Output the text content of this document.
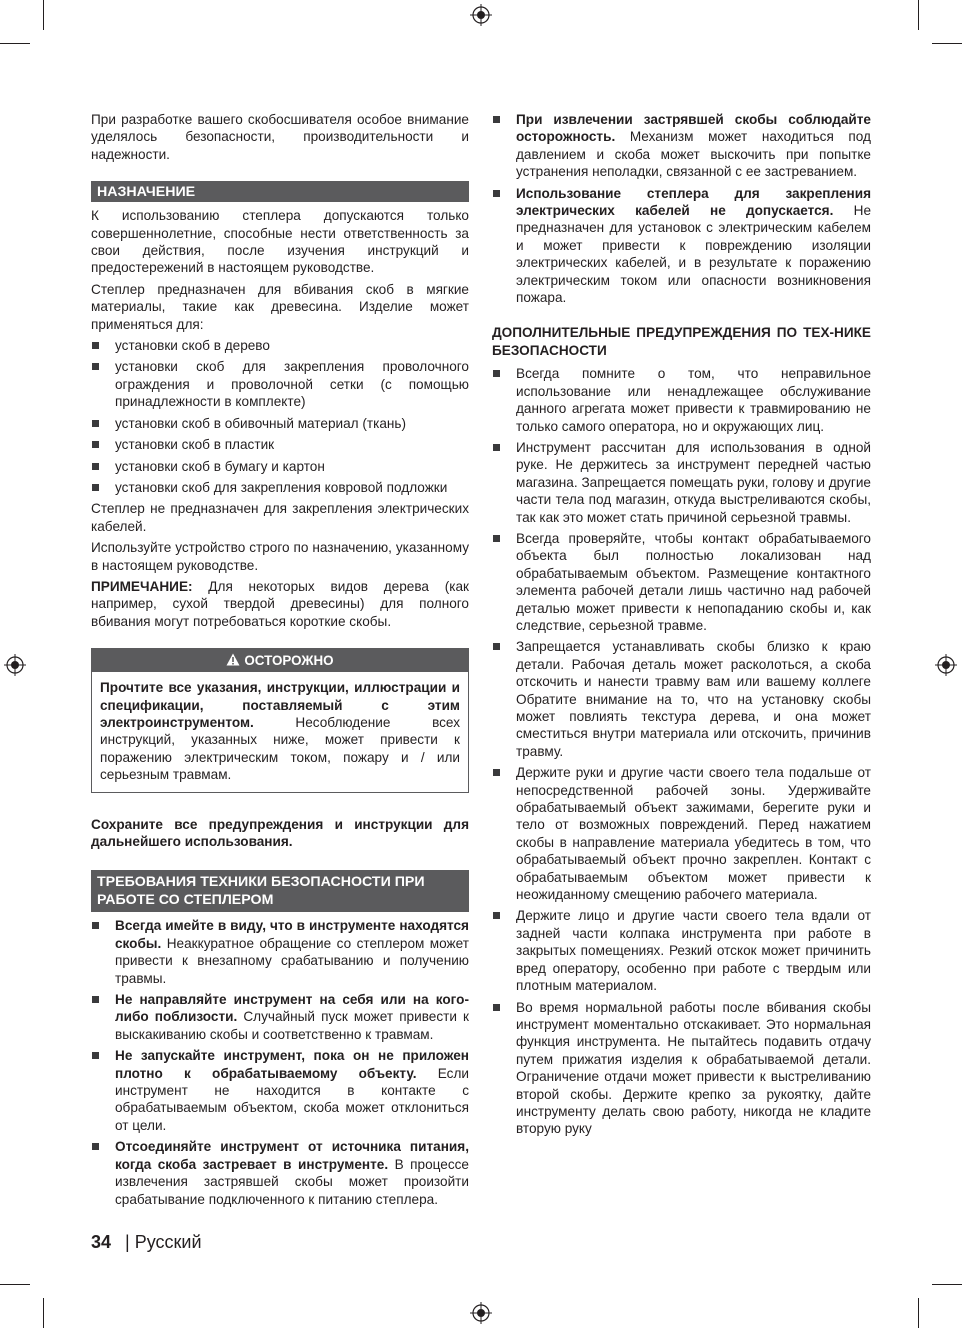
При разработке вашего скобосшивателя особое внимание уделялось безопасности, производительности и надежности.

НАЗНАЧЕНИЕ

К использованию степлера допускаются только совершеннолетние, способные нести ответственность за свои действия, после изучения инструкций и предостережений в настоящем руководстве.

Степлер предназначен для вбивания скоб в мягкие материалы, такие как древесина. Изделие может применяться для:

установки скоб в дерево
установки скоб для закрепления проволочного ограждения и проволочной сетки (с помощью принадлежности в комплекте)
установки скоб в обивочный материал (ткань)
установки скоб в пластик
установки скоб в бумагу и картон
установки скоб для закрепления ковровой подложки

Степлер не предназначен для закрепления электрических кабелей.

Используйте устройство строго по назначению, указанному в настоящем руководстве.

ПРИМЕЧАНИЕ: Для некоторых видов дерева (как например, сухой твердой древесины) для полного вбивания могут потребоваться короткие скобы.

ОСТОРОЖНО
Прочтите все указания, инструкции, иллюстрации и спецификации, поставляемый с этим электроинструментом. Несоблюдение всех инструкций, указанных ниже, может привести к поражению электрическим током, пожару и / или серьезным травмам.

Сохраните все предупреждения и инструкции для дальнейшего использования.

ТРЕБОВАНИЯ ТЕХНИКИ БЕЗОПАСНОСТИ ПРИ РАБОТЕ СО СТЕПЛЕРОМ
Всегда имейте в виду, что в инструменте находятся скобы. Неаккуратное обращение со степлером может привести к внезапному срабатыванию и получению травмы.
Не направляйте инструмент на себя или на кого-либо поблизости. Случайный пуск может привести к выскакиванию скобы и соответственно к травмам.
Не запускайте инструмент, пока он не приложен плотно к обрабатываемому объекту. Если инструмент не находится в контакте с обрабатываемым объектом, скоба может отклониться от цели.
Отсоединяйте инструмент от источника питания, когда скоба застревает в инструменте. В процессе извлечения застрявшей скобы может произойти срабатывание подключенного к питанию степлера.
При извлечении застрявшей скобы соблюдайте осторожность. Механизм может находиться под давлением и скоба может выскочить при попытке устранения неполадки, связанной с ее застреванием.
Использование степлера для закрепления электрических кабелей не допускается. Не предназначен для установок с электрическим кабелем и может привести к повреждению изоляции электрических кабелей, и в результате к поражению электрическим током или опасности возникновения пожара.

ДОПОЛНИТЕЛЬНЫЕ ПРЕДУПРЕЖДЕНИЯ ПО ТЕХ-НИКЕ БЕЗОПАСНОСТИ

Всегда помните о том, что неправильное использование или ненадлежащее обслуживание данного агрегата может привести к травмированию не только самого оператора, но и окружающих лиц.
Инструмент рассчитан для использования в одной руке. Не держитесь за инструмент передней частью магазина. Запрещается помещать руки, голову и другие части тела под магазин, откуда выстреливаются скобы, так как это может стать причиной серьезной травмы.
Всегда проверяйте, чтобы контакт обрабатываемого объекта был полностью локализован над обрабатываемым объектом. Размещение контактного элемента рабочей детали лишь частично над рабочей деталью может привести к непопаданию скобы и, как следствие, серьезной травме.
Запрещается устанавливать скобы близко к краю детали. Рабочая деталь может расколоться, а скоба отскочить и нанести травму вам или вашему коллеге Обратите внимание на то, что на установку скобы может повлиять текстура дерева, и она может сместиться внутри материала или отскочить, причинив травму.
Держите руки и другие части своего тела подальше от непосредственной рабочей зоны. Удерживайте обрабатываемый объект зажимами, берегите руки и тело от возможных повреждений. Перед нажатием скобы в направление материала убедитесь в том, что обрабатываемый объект прочно закреплен. Контакт с обрабатываемым объектом может привести к неожиданному смещению рабочего материала.
Держите лицо и другие части своего тела вдали от задней части колпака инструмента при работе в закрытых помещениях. Резкий отскок может причинить вред оператору, особенно при работе с твердым или плотным материалом.
Во время нормальной работы после вбивания скобы инструмент моментально отскакивает. Это нормальная функция инструмента. Не пытайтесь подавить отдачу путем прижатия изделия к обрабатываемой детали. Ограничение отдачи может привести к выстреливанию второй скобы. Держите крепко за рукоятку, дайте инструменту делать свою работу, никогда не кладите вторую руку
34 | Русский
